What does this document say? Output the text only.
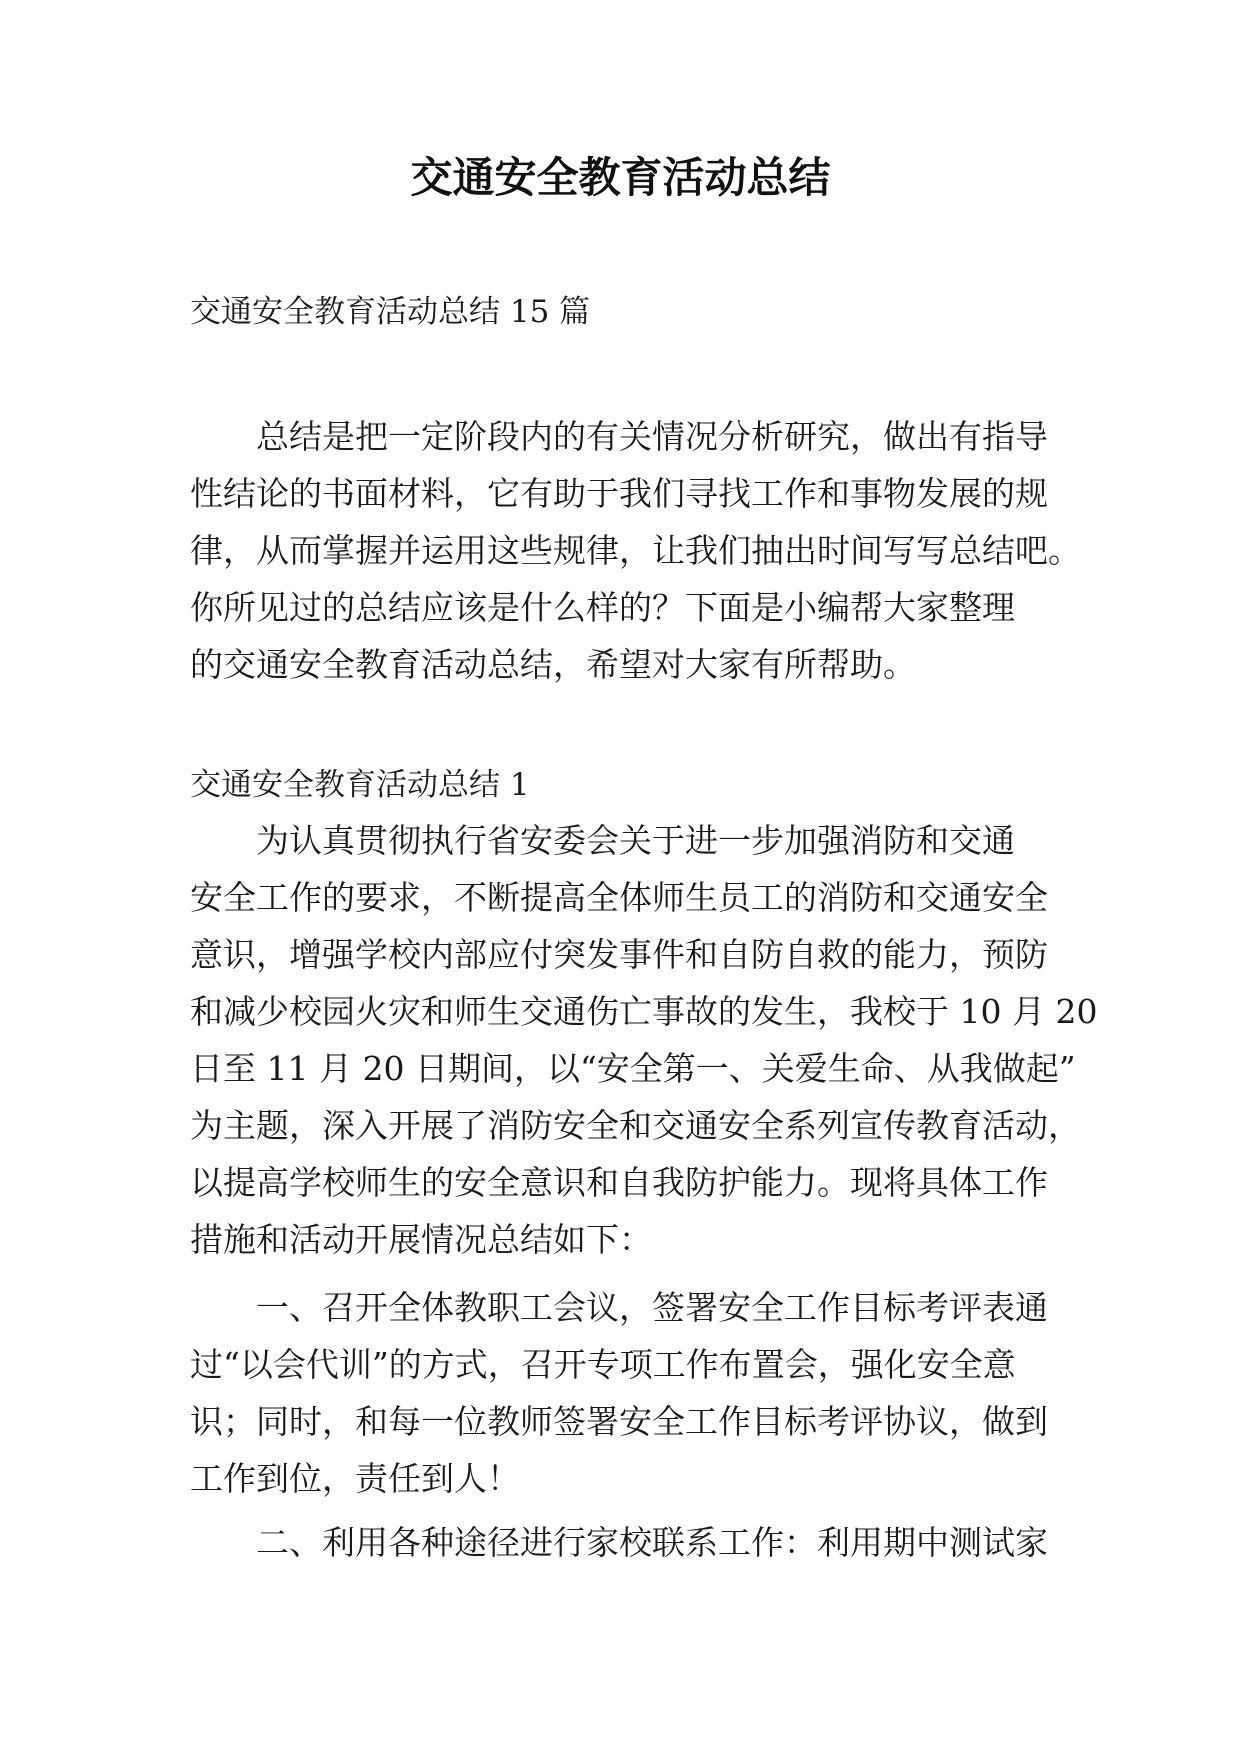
交通安全教育活动总结
交通安全教育活动总结 15 篇
总结是把一定阶段内的有关情况分析研究，做出有指导
性结论的书面材料，它有助于我们寻找工作和事物发展的规
律，从而掌握并运用这些规律，让我们抽出时间写写总结吧。
你所见过的总结应该是什么样的？下面是小编帮大家整理
的交通安全教育活动总结，希望对大家有所帮助。
交通安全教育活动总结 1
为认真贯彻执行省安委会关于进一步加强消防和交通
安全工作的要求，不断提高全体师生员工的消防和交通安全
意识，增强学校内部应付突发事件和自防自救的能力，预防
和减少校园火灾和师生交通伤亡事故的发生，我校于 10 月 20
日至 11 月 20 日期间，以“安全第一、关爱生命、从我做起”
为主题，深入开展了消防安全和交通安全系列宣传教育活动，
以提高学校师生的安全意识和自我防护能力。现将具体工作
措施和活动开展情况总结如下：
一、召开全体教职工会议，签署安全工作目标考评表通
过“以会代训”的方式，召开专项工作布置会，强化安全意
识；同时，和每一位教师签署安全工作目标考评协议，做到
工作到位，责任到人！
二、利用各种途径进行家校联系工作：利用期中测试家
